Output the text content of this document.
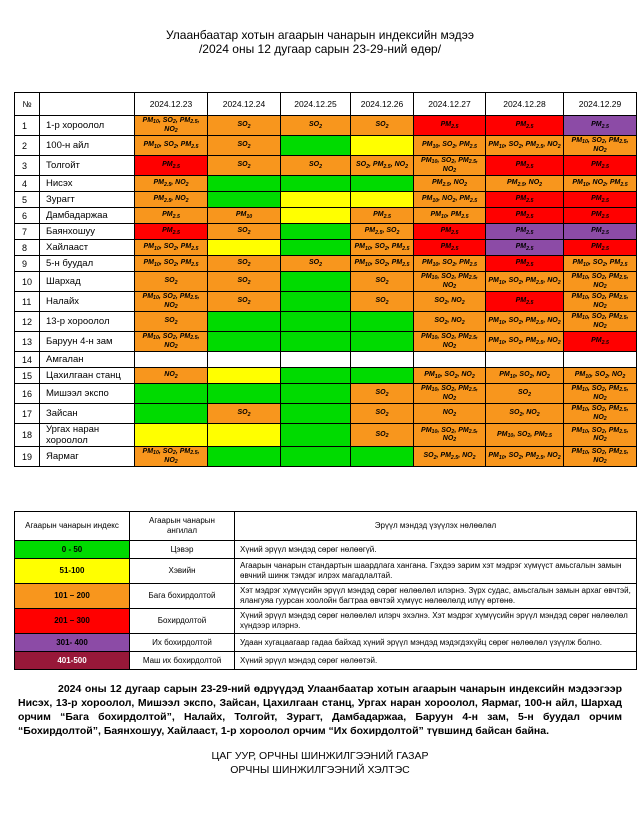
Улаанбаатар хотын агаарын чанарын индексийн мэдээ
/2024 оны 12 дугаар сарын 23-29-ний өдөр/
№		2024.12.23	2024.12.24	2024.12.25	2024.12.26	2024.12.27	2024.12.28	2024.12.29
1	1-р хороолол	$PM_{10}$, $SO_2$, $PM_{2.5}$, $NO_2$	$SO_2$	$SO_2$	$SO_2$	$PM_{2.5}$	$PM_{2.5}$	$PM_{2.5}$
2	100-н айл	$PM_{10}$, $SO_2$, $PM_{2.5}$	$SO_2$			$PM_{10}$, $SO_2$, $PM_{2.5}$	$PM_{10}$, $SO_2$, $PM_{2.5}$, $NO_2$	$PM_{10}$, $SO_2$, $PM_{2.5}$, $NO_2$
3	Толгойт	$PM_{2.5}$	$SO_2$	$SO_2$	$SO_2$, $PM_{2.5}$, $NO_2$	$PM_{10}$, $SO_2$, $PM_{2.5}$, $NO_2$	$PM_{2.5}$	$PM_{2.5}$
4	Нисэх	$PM_{2.5}$, $NO_2$				$PM_{2.5}$, $NO_2$	$PM_{2.5}$, $NO_2$	$PM_{10}$, $NO_2$, $PM_{2.5}$
5	Зурагт	$PM_{2.5}$, $NO_2$				$PM_{10}$, $NO_2$, $PM_{2.5}$	$PM_{2.5}$	$PM_{2.5}$
6	Дамбадаржаа	$PM_{2.5}$	$PM_{10}$		$PM_{2.5}$	$PM_{10}$, $PM_{2.5}$	$PM_{2.5}$	$PM_{2.5}$
7	Баянхошуу	$PM_{2.5}$	$SO_2$		$PM_{2.5}$, $SO_2$	$PM_{2.5}$	$PM_{2.5}$	$PM_{2.5}$
8	Хайлааст	$PM_{10}$, $SO_2$, $PM_{2.5}$			$PM_{10}$, $SO_2$, $PM_{2.5}$	$PM_{2.5}$	$PM_{2.5}$	$PM_{2.5}$
9	5-н буудал	$PM_{10}$, $SO_2$, $PM_{2.5}$	$SO_2$	$SO_2$	$PM_{10}$, $SO_2$, $PM_{2.5}$	$PM_{10}$, $SO_2$, $PM_{2.5}$	$PM_{2.5}$	$PM_{10}$, $SO_2$, $PM_{2.5}$
10	Шархад	$SO_2$	$SO_2$		$SO_2$	$PM_{10}$, $SO_2$, $PM_{2.5}$, $NO_2$	$PM_{10}$, $SO_2$, $PM_{2.5}$, $NO_2$	$PM_{10}$, $SO_2$, $PM_{2.5}$, $NO_2$
11	Налайх	$PM_{10}$, $SO_2$, $PM_{2.5}$, $NO_2$	$SO_2$		$SO_2$	$SO_2$, $NO_2$	$PM_{2.5}$	$PM_{10}$, $SO_2$, $PM_{2.5}$, $NO_2$
12	13-р хороолол	$SO_2$				$SO_2$, $NO_2$	$PM_{10}$, $SO_2$, $PM_{2.5}$, $NO_2$	$PM_{10}$, $SO_2$, $PM_{2.5}$, $NO_2$
13	Баруун 4-н зам	$PM_{10}$, $SO_2$, $PM_{2.5}$, $NO_2$				$PM_{10}$, $SO_2$, $PM_{2.5}$, $NO_2$	$PM_{10}$, $SO_2$, $PM_{2.5}$, $NO_2$	$PM_{2.5}$
14	Амгалан							
15	Цахилгаан станц	$NO_2$				$PM_{10}$, $SO_2$, $NO_2$	$PM_{10}$, $SO_2$, $NO_2$	$PM_{10}$, $SO_2$, $NO_2$
16	Мишээл экспо				$SO_2$	$PM_{10}$, $SO_2$, $PM_{2.5}$, $NO_2$	$SO_2$	$PM_{10}$, $SO_2$, $PM_{2.5}$, $NO_2$
17	Зайсан		$SO_2$		$SO_2$	$NO_2$	$SO_2$, $NO_2$	$PM_{10}$, $SO_2$, $PM_{2.5}$, $NO_2$
18	Ургах наран хороолол				$SO_2$	$PM_{10}$, $SO_2$, $PM_{2.5}$, $NO_2$	$PM_{10}$, $SO_2$, $PM_{2.5}$	$PM_{10}$, $SO_2$, $PM_{2.5}$, $NO_2$
19	Яармаг	$PM_{10}$, $SO_2$, $PM_{2.5}$, $NO_2$				$SO_2$, $PM_{2.5}$, $NO_2$	$PM_{10}$, $SO_2$, $PM_{2.5}$, $NO_2$	$PM_{10}$, $SO_2$, $PM_{2.5}$, $NO_2$
Агаарын чанарын индекс	Агаарын чанарын ангилал	Эрүүл мэндэд үзүүлэх нөлөөлөл
0 - 50	Цэвэр	Хүний эрүүл мэндэд сөрөг нөлөөгүй.
51-100	Хэвийн	Агаарын чанарын стандартын шаардлага хангана. Гэхдээ зарим хэт мэдрэг хүмүүст амьсгалын замын өвчний шинж тэмдэг илрэх магадлалтай.
101 – 200	Бага бохирдолтой	Хэт мэдрэг хүмүүсийн эрүүл мэндэд сөрөг нөлөөлөл илэрнэ. Зүрх судас, амьсгалын замын архаг өвчтэй, ялангуяа гуурсан хоолойн багтраа өвчтэй хүмүүс нөлөөлөлд илүү өртөнө.
201 – 300	Бохирдолтой	Хүний эрүүл мэндэд сөрөг нөлөөлөл илэрч эхэлнэ. Хэт мэдрэг хүмүүсийн эрүүл мэндэд сөрөг нөлөөлөл хүндээр илэрнэ.
301- 400	Их бохирдолтой	Удаан хугацаагаар гадаа байхад хүний эрүүл мэндэд мэдэгдэхүйц сөрөг нөлөөлөл үзүүлж болно.
401-500	Маш их бохирдолтой	Хүний эрүүл мэндэд сөрөг нөлөөтэй.

2024 оны 12 дугаар сарын 23-29-ний өдрүүдэд Улаанбаатар хотын агаарын чанарын индексийн мэдээгээр Нисэх, 13-р хороолол, Мишээл экспо, Зайсан, Цахилгаан станц, Ургах наран хороолол, Яармаг, 100-н айл, Шархад орчим “Бага бохирдолтой”, Налайх, Толгойт, Зурагт, Дамбадаржаа, Баруун 4-н зам, 5-н буудал орчим “Бохирдолтой”, Баянхошуу, Хайлааст, 1-р хороолол орчим “Их бохирдолтой” түвшинд байсан байна.

ЦАГ УУР, ОРЧНЫ ШИНЖИЛГЭЭНИЙ ГАЗАР
ОРЧНЫ ШИНЖИЛГЭЭНИЙ ХЭЛТЭС
